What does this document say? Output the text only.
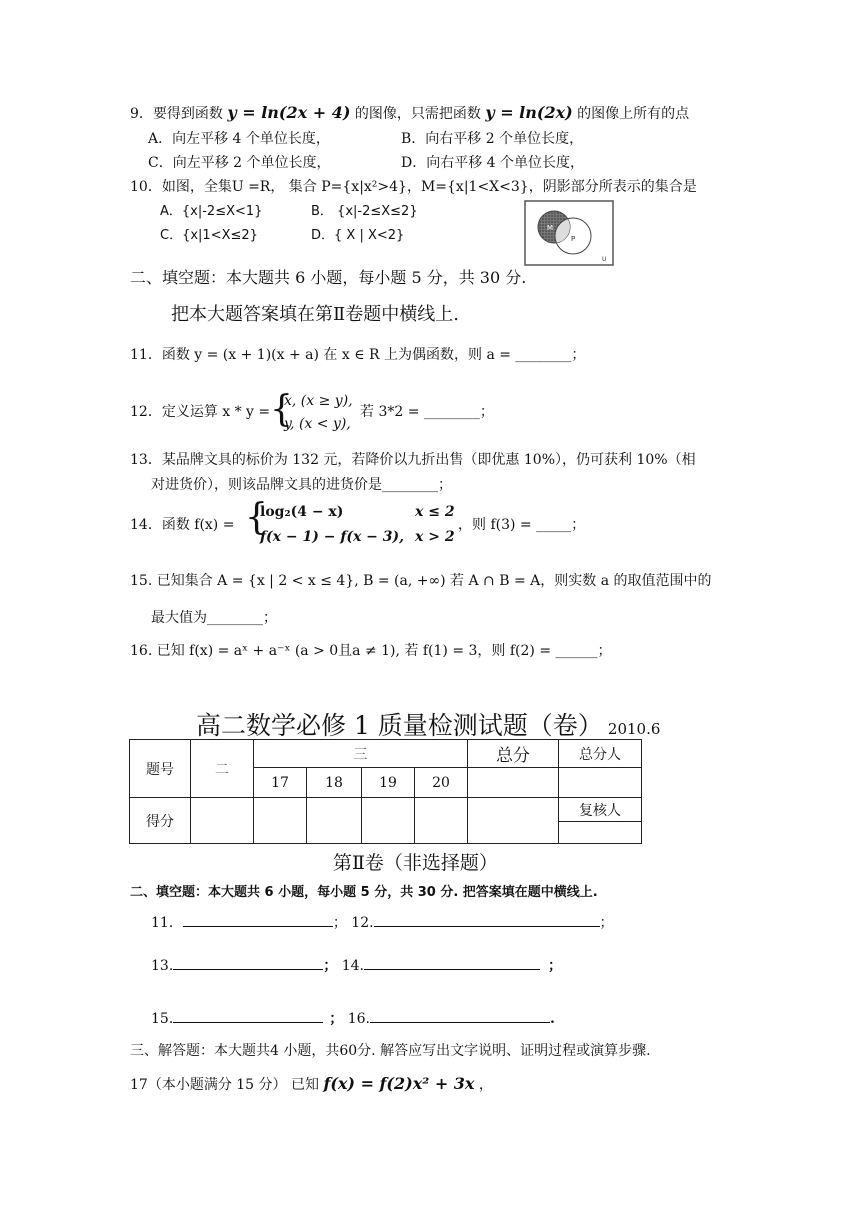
9．要得到函数 y = ln(2x + 4) 的图像，只需把函数 y = ln(2x) 的图像上所有的点
A．向左平移 4 个单位长度，	B．向右平移 2 个单位长度，
C．向左平移 2 个单位长度，	D．向右平移 4 个单位长度，
10．如图，全集U =R， 集合 P={x|x²>4}，M={x|1<X<3}，阴影部分所表示的集合是
A．{x|-2≤X<1}	B． {x|-2≤X≤2}
C．{x|1<X≤2}	D．{ X | X<2}	M
P
U
二、填空题：本大题共 6 小题，每小题 5 分，共 30 分.
把本大题答案填在第Ⅱ卷题中横线上.
11．函数 y = (x + 1)(x + a) 在 x ∈ R 上为偶函数，则 a = ________；
12．定义运算 x * y = {
x, (x ≥ y),
y, (x < y),
若 3*2 = ________；
13．某品牌文具的标价为 132 元，若降价以九折出售（即优惠 10%），仍可获利 10%（相
对进货价），则该品牌文具的进货价是________；
14．函数 f(x) = {
log₂(4 − x)	x ≤ 2
f(x − 1) − f(x − 3), x > 2
，则 f(3) = _____；
15. 已知集合 A = {x | 2 < x ≤ 4}, B = (a, +∞) 若 A ∩ B = A，则实数 a 的取值范围中的
最大值为________；
16. 已知 f(x) = aˣ + a⁻ˣ (a > 0且a ≠ 1), 若 f(1) = 3，则 f(2) = ______；
高二数学必修 1 质量检测试题（卷） 2010.6
题号	二	三				总分	总分人
		17	18	19	20		
得分							复核人

第Ⅱ卷（非选择题）
二、填空题：本大题共 6 小题，每小题 5 分，共 30 分. 把答案填在题中横线上.
11．	； 12.	；
13.	； 14.	；
15.	； 16.	.
三、解答题：本大题共4 小题，共60分. 解答应写出文字说明、证明过程或演算步骤.
17（本小题满分 15 分） 已知 f(x) = f(2)x² + 3x ，
